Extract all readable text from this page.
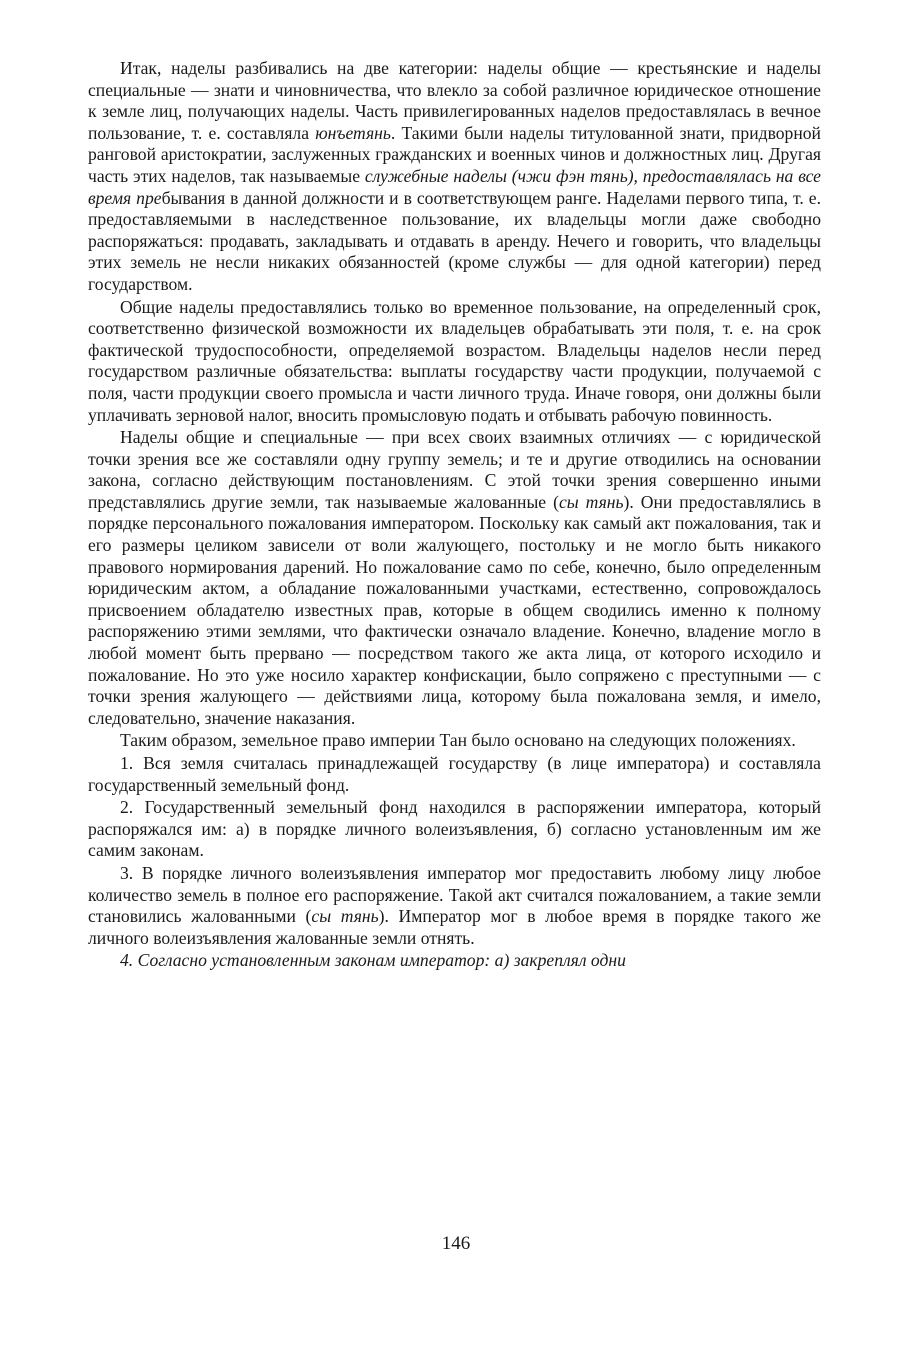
Итак, наделы разбивались на две категории: наделы общие — крестьянские и наделы специальные — знати и чиновничества, что влекло за собой различное юридическое отношение к земле лиц, получающих наделы. Часть привилегированных наделов предоставлялась в вечное пользование, т. е. составляла юнъетянь. Такими были наделы титулованной знати, придворной ранговой аристократии, заслуженных гражданских и военных чинов и должностных лиц. Другая часть этих наделов, так называемые служебные наделы (чжи фэн тянь), предоставлялась на все время пребывания в данной должности и в соответствующем ранге. Наделами первого типа, т. е. предоставляемыми в наследственное пользование, их владельцы могли даже свободно распоряжаться: продавать, закладывать и отдавать в аренду. Нечего и говорить, что владельцы этих земель не несли никаких обязанностей (кроме службы — для одной категории) перед государством.

Общие наделы предоставлялись только во временное пользование, на определенный срок, соответственно физической возможности их владельцев обрабатывать эти поля, т. е. на срок фактической трудоспособности, определяемой возрастом. Владельцы наделов несли перед государством различные обязательства: выплаты государству части продукции, получаемой с поля, части продукции своего промысла и части личного труда. Иначе говоря, они должны были уплачивать зерновой налог, вносить промысловую подать и отбывать рабочую повинность.

Наделы общие и специальные — при всех своих взаимных отличиях — с юридической точки зрения все же составляли одну группу земель; и те и другие отводились на основании закона, согласно действующим постановлениям. С этой точки зрения совершенно иными представлялись другие земли, так называемые жалованные (сы тянь). Они предоставлялись в порядке персонального пожалования императором. Поскольку как самый акт пожалования, так и его размеры целиком зависели от воли жалующего, постольку и не могло быть никакого правового нормирования дарений. Но пожалование само по себе, конечно, было определенным юридическим актом, а обладание пожалованными участками, естественно, сопровождалось присвоением обладателю известных прав, которые в общем сводились именно к полному распоряжению этими землями, что фактически означало владение. Конечно, владение могло в любой момент быть прервано — посредством такого же акта лица, от которого исходило и пожалование. Но это уже носило характер конфискации, было сопряжено с преступными — с точки зрения жалующего — действиями лица, которому была пожалована земля, и имело, следовательно, значение наказания.

Таким образом, земельное право империи Тан было основано на следующих положениях.

1. Вся земля считалась принадлежащей государству (в лице императора) и составляла государственный земельный фонд.

2. Государственный земельный фонд находился в распоряжении императора, который распоряжался им: а) в порядке личного волеизъявления, б) согласно установленным им же самим законам.

3. В порядке личного волеизъявления император мог предоставить любому лицу любое количество земель в полное его распоряжение. Такой акт считался пожалованием, а такие земли становились жалованными (сы тянь). Император мог в любое время в порядке такого же личного волеизъявления жалованные земли отнять.

4. Согласно установленным законам император: а) закреплял одни

146
